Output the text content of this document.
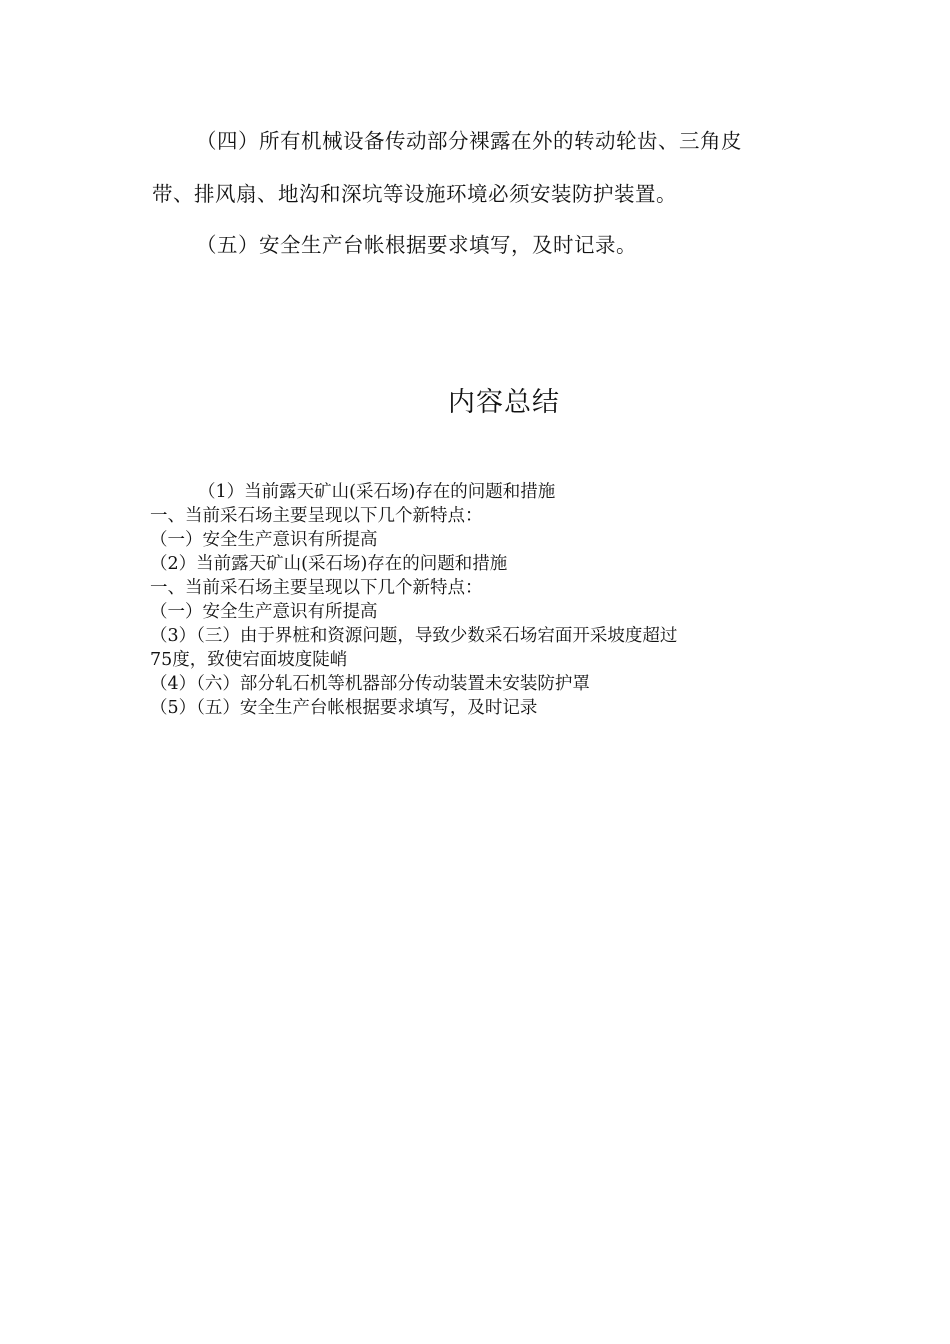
（四）所有机械设备传动部分裸露在外的转动轮齿、三角皮

带、排风扇、地沟和深坑等设施环境必须安装防护装置。

（五）安全生产台帐根据要求填写，及时记录。

内容总结
（1）当前露天矿山(采石场)存在的问题和措施
一、当前采石场主要呈现以下几个新特点：
（一）安全生产意识有所提高
（2）当前露天矿山(采石场)存在的问题和措施
一、当前采石场主要呈现以下几个新特点：
（一）安全生产意识有所提高
（3）（三）由于界桩和资源问题，导致少数采石场宕面开采坡度超过
75度，致使宕面坡度陡峭
（4）（六）部分轧石机等机器部分传动装置未安装防护罩
（5）（五）安全生产台帐根据要求填写，及时记录
